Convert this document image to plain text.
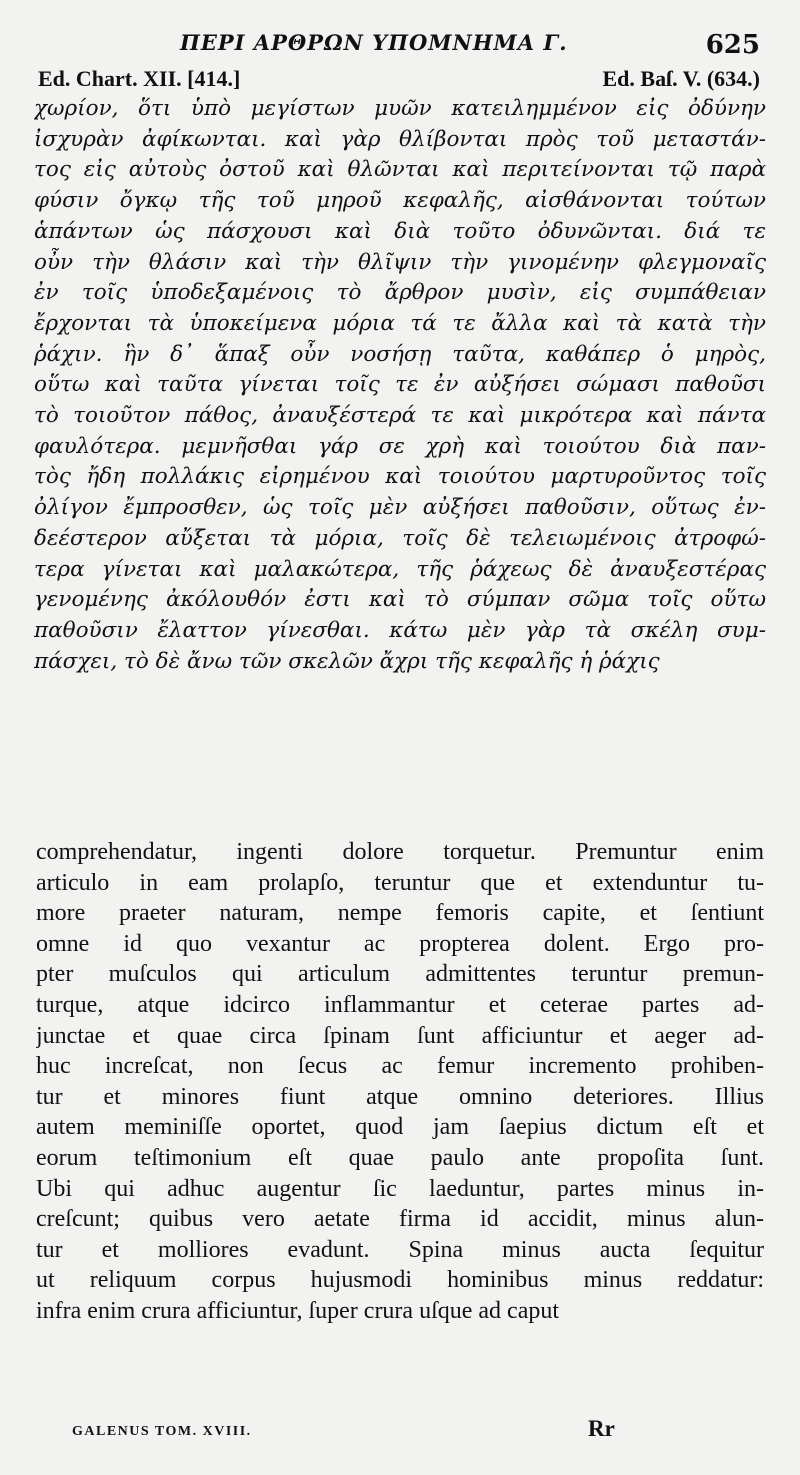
ΠΕΡΙ ΑΡΘΡΩΝ ΥΠΟΜΝΗΜΑ Γ.	625
Ed. Chart. XII. [414.]	Ed. Baſ. V. (634.)
χωρίον, ὅτι ὑπὸ μεγίστων μυῶν κατειλημμένον εἰς ὀδύνην
ἰσχυρὰν ἀφίκωνται. καὶ γὰρ θλίβονται πρὸς τοῦ μεταστάν-
τος εἰς αὐτοὺς ὀστοῦ καὶ θλῶνται καὶ περιτείνονται τῷ παρὰ
φύσιν ὄγκῳ τῆς τοῦ μηροῦ κεφαλῆς, αἰσθάνονται τούτων
ἁπάντων ὡς πάσχουσι καὶ διὰ τοῦτο ὀδυνῶνται. διά τε
οὖν τὴν θλάσιν καὶ τὴν θλῖψιν τὴν γινομένην φλεγμοναῖς
ἐν τοῖς ὑποδεξαμένοις τὸ ἄρθρον μυσὶν, εἰς συμπάθειαν
ἔρχονται τὰ ὑποκείμενα μόρια τά τε ἄλλα καὶ τὰ κατὰ τὴν
ῥάχιν. ἣν δ᾽ ἅπαξ οὖν νοσήσῃ ταῦτα, καθάπερ ὁ μηρὸς,
οὕτω καὶ ταῦτα γίνεται τοῖς τε ἐν αὐξήσει σώμασι παθοῦσι
τὸ τοιοῦτον πάθος, ἀναυξέστερά τε καὶ μικρότερα καὶ πάντα
φαυλότερα. μεμνῆσθαι γάρ σε χρὴ καὶ τοιούτου διὰ παν-
τὸς ἤδη πολλάκις εἰρημένου καὶ τοιούτου μαρτυροῦντος τοῖς
ὀλίγον ἔμπροσθεν, ὡς τοῖς μὲν αὐξήσει παθοῦσιν, οὕτως ἐν-
δεέστερον αὔξεται τὰ μόρια, τοῖς δὲ τελειωμένοις ἀτροφώ-
τερα γίνεται καὶ μαλακώτερα, τῆς ῥάχεως δὲ ἀναυξεστέρας
γενομένης ἀκόλουθόν ἐστι καὶ τὸ σύμπαν σῶμα τοῖς οὕτω
παθοῦσιν ἔλαττον γίνεσθαι. κάτω μὲν γὰρ τὰ σκέλη συμ-
πάσχει, τὸ δὲ ἄνω τῶν σκελῶν ἄχρι τῆς κεφαλῆς ἡ ῥάχις
comprehendatur, ingenti dolore torquetur. Premuntur enim
articulo in eam prolapſo, teruntur que et extenduntur tu-
more praeter naturam, nempe femoris capite, et ſentiunt
omne id quo vexantur ac propterea dolent. Ergo pro-
pter muſculos qui articulum admittentes teruntur premun-
turque, atque idcirco inflammantur et ceterae partes ad-
junctae et quae circa ſpinam ſunt afficiuntur et aeger ad-
huc increſcat, non ſecus ac femur incremento prohiben-
tur et minores fiunt atque omnino deteriores. Illius
autem meminiſſe oportet, quod jam ſaepius dictum eſt et
eorum teſtimonium eſt quae paulo ante propoſita ſunt.
Ubi qui adhuc augentur ſic laeduntur, partes minus in-
creſcunt; quibus vero aetate firma id accidit, minus alun-
tur et molliores evadunt. Spina minus aucta ſequitur
ut reliquum corpus hujusmodi hominibus minus reddatur:
infra enim crura afficiuntur, ſuper crura uſque ad caput
GALENUS TOM. XVIII.	Rr
